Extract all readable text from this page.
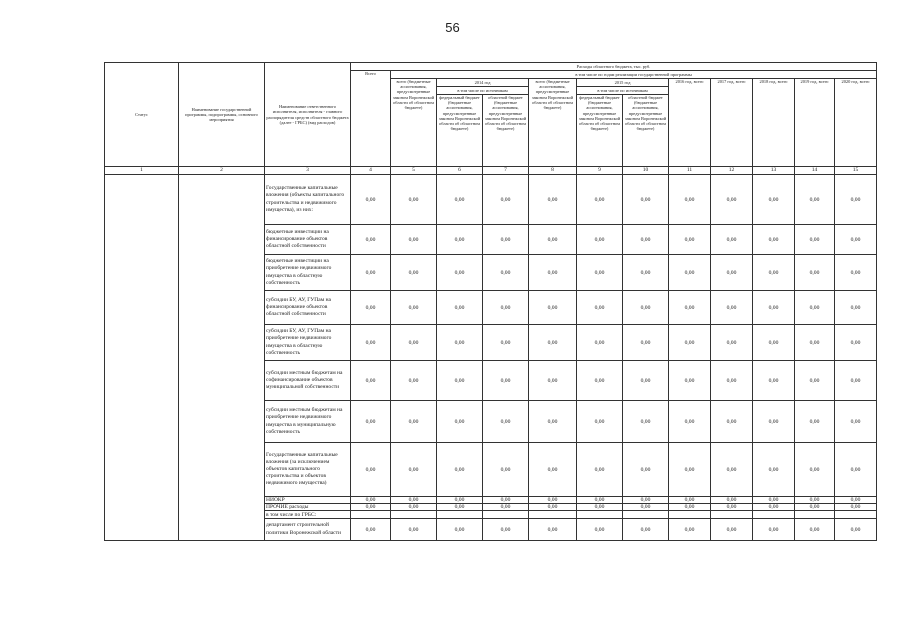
56
Статус	Наименование государственной программы, подпрограммы, основного мероприятия	Наименование ответственного исполнителя, исполнителя - главного распорядителя средств областного бюджета (далее - ГРБС) (вид расходов)	Расходы областного бюджета, тыс. руб.											
			Всего	в том числе по годам реализации государственной программы										
				всего (бюджетные ассигнования, предусмотренные законом Воронежской области об областном бюджете)	2014 год		всего (бюджетные ассигнования, предусмотренные законом Воронежской области об областном бюджете)	2015 год		2016 год, всего	2017 год, всего	2018 год, всего	2019 год, всего	2020 год, всего
					в том числе по источникам			в том числе по источникам						
					федеральный бюджет (бюджетные ассигнования, предусмотренные законом Воронежской области об областном бюджете)	областной бюджет (бюджетные ассигнования, предусмотренные законом Воронежской области об областном бюджете)		федеральный бюджет (бюджетные ассигнования, предусмотренные законом Воронежской области об областном бюджете)	областной бюджет (бюджетные ассигнования, предусмотренные законом Воронежской области об областном бюджете)					
1	2	3	4	5	6	7	8	9	10	11	12	13	14	15
		Государственные капитальные вложения (объекты капитального строительства и недвижимого имущества), из них:	0,00	0,00	0,00	0,00	0,00	0,00	0,00	0,00	0,00	0,00	0,00	0,00
		бюджетные инвестиции на финансирование объектов областной собственности	0,00	0,00	0,00	0,00	0,00	0,00	0,00	0,00	0,00	0,00	0,00	0,00
		бюджетные инвестиции на приобретение недвижимого имущества в областную собственность	0,00	0,00	0,00	0,00	0,00	0,00	0,00	0,00	0,00	0,00	0,00	0,00
		субсидии БУ, АУ, ГУПам на финансирование объектов областной собственности	0,00	0,00	0,00	0,00	0,00	0,00	0,00	0,00	0,00	0,00	0,00	0,00
		субсидии БУ, АУ, ГУПам на приобретение недвижимого имущества в областную собственность	0,00	0,00	0,00	0,00	0,00	0,00	0,00	0,00	0,00	0,00	0,00	0,00
		субсидии местным бюджетам на софинансирование объектов муниципальной собственности	0,00	0,00	0,00	0,00	0,00	0,00	0,00	0,00	0,00	0,00	0,00	0,00
		субсидии местным бюджетам на приобретение недвижимого имущества в муниципальную собственность	0,00	0,00	0,00	0,00	0,00	0,00	0,00	0,00	0,00	0,00	0,00	0,00
		Государственные капитальные вложения (за исключением объектов капитального строительства и объектов недвижимого имущества)	0,00	0,00	0,00	0,00	0,00	0,00	0,00	0,00	0,00	0,00	0,00	0,00
		НИОКР	0,00	0,00	0,00	0,00	0,00	0,00	0,00	0,00	0,00	0,00	0,00	0,00
		ПРОЧИЕ расходы	0,00	0,00	0,00	0,00	0,00	0,00	0,00	0,00	0,00	0,00	0,00	0,00
		в том числе по ГРБС:												
		департамент строительной политики Воронежской области	0,00	0,00	0,00	0,00	0,00	0,00	0,00	0,00	0,00	0,00	0,00	0,00
